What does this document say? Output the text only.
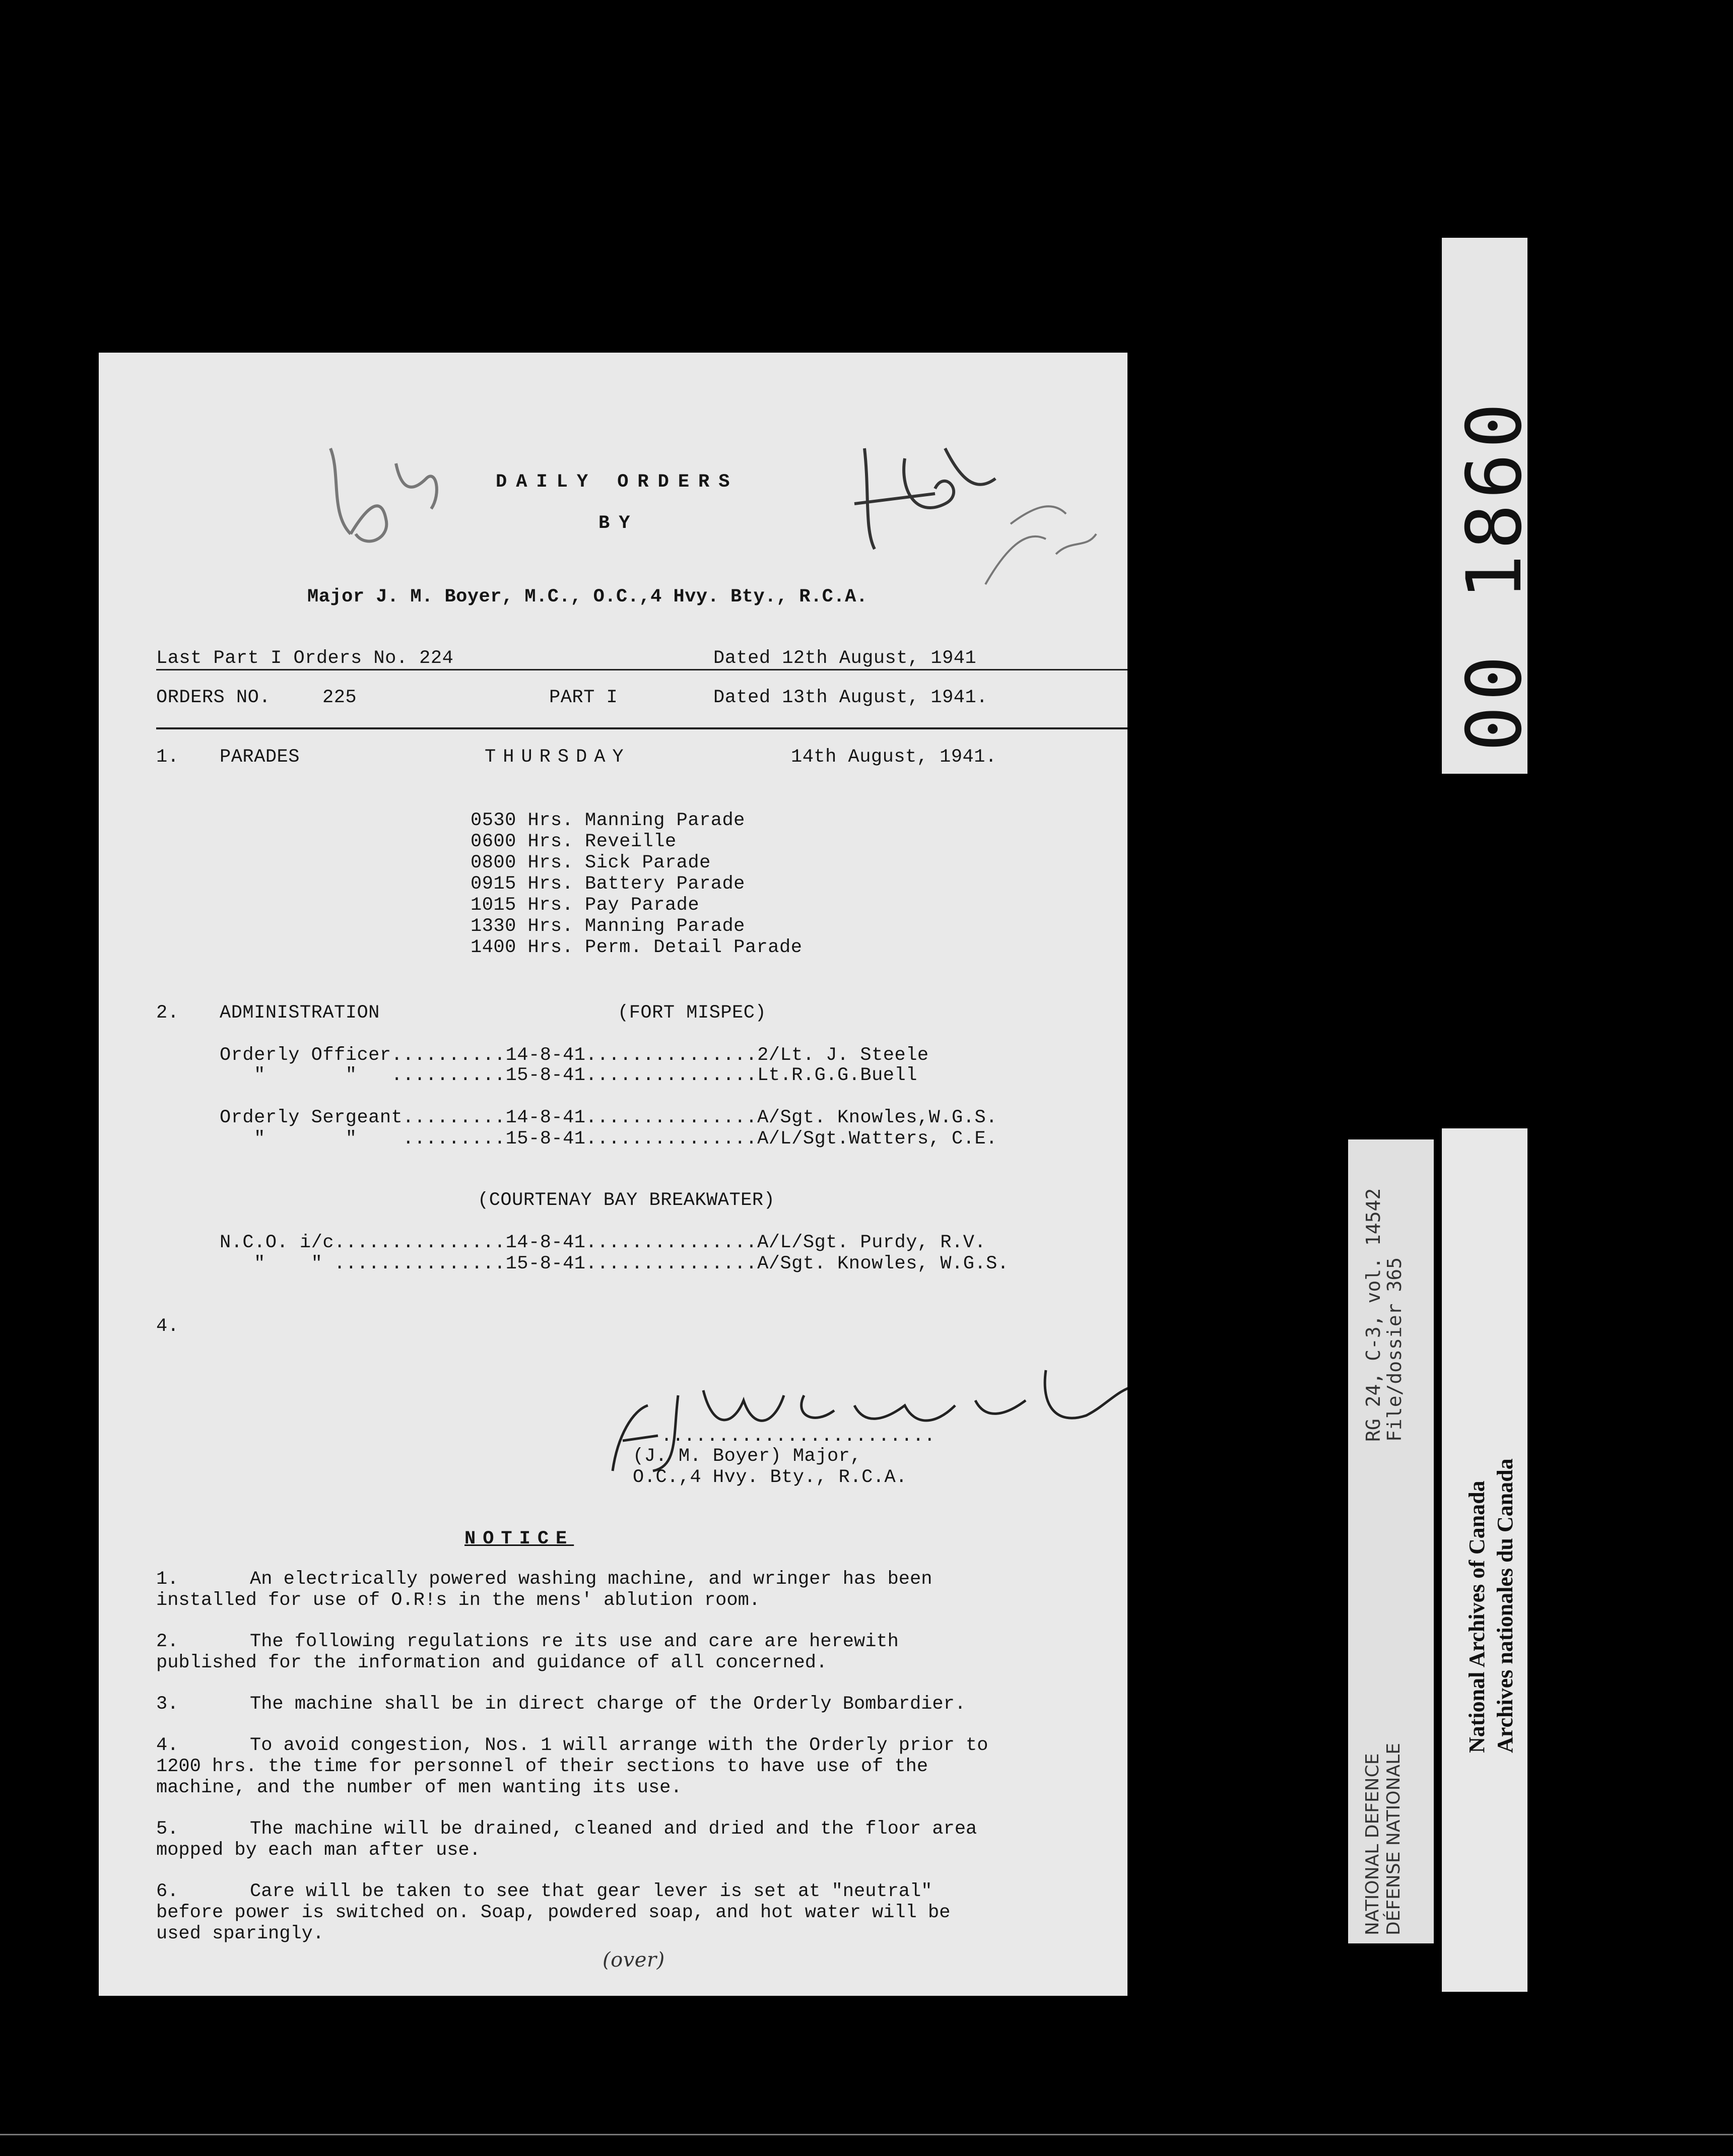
DAILY ORDERS
BY
Major J. M. Boyer, M.C., O.C.,4 Hvy. Bty., R.C.A.
Last Part I Orders No. 224	Dated 12th August, 1941
ORDERS NO.	225	PART I	Dated 13th August, 1941.
1. PARADES	THURSDAY	14th August, 1941.
0530 Hrs. Manning Parade
0600 Hrs. Reveille
0800 Hrs. Sick Parade
0915 Hrs. Battery Parade
1015 Hrs. Pay Parade
1330 Hrs. Manning Parade
1400 Hrs. Perm. Detail Parade
2. ADMINISTRATION	(FORT MISPEC)
Orderly Officer..........14-8-41...............2/Lt. J. Steele
"       "   ..........15-8-41...............Lt.R.G.G.Buell
Orderly Sergeant.........14-8-41...............A/Sgt. Knowles,W.G.S.
"       "    .........15-8-41...............A/L/Sgt.Watters, C.E.
(COURTENAY BAY BREAKWATER)
N.C.O. i/c...............14-8-41...............A/L/Sgt. Purdy, R.V.
"    " ...............15-8-41...............A/Sgt. Knowles, W.G.S.
4.
........................
(J. M. Boyer) Major,
O.C.,4 Hvy. Bty., R.C.A.
NOTICE
1.	An electrically powered washing machine, and wringer has been
installed for use of O.R!s in the mens' ablution room.
2.	The following regulations re its use and care are herewith
published for the information and guidance of all concerned.
3.	The machine shall be in direct charge of the Orderly Bombardier.
4.	To avoid congestion, Nos. 1 will arrange with the Orderly prior to
1200 hrs. the time for personnel of their sections to have use of the
machine, and the number of men wanting its use.
5.	The machine will be drained, cleaned and dried and the floor area
mopped by each man after use.
6.	Care will be taken to see that gear lever is set at "neutral"
before power is switched on. Soap, powdered soap, and hot water will be
used sparingly.
(over)
00 1860
RG 24, C-3, vol. 14542
File/dossier 365
NATIONAL DEFENCE DÉFENSE NATIONALE
National Archives of Canada Archives nationales du Canada
